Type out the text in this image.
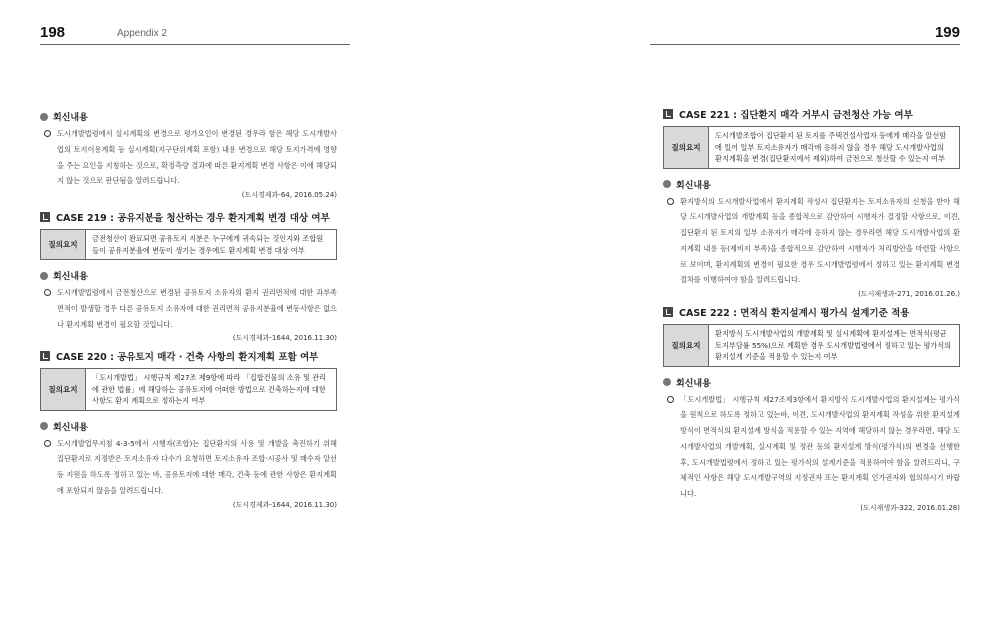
198	Appendix 2	199
회신내용
도시개발법령에서 실시계획의 변경으로 평가요인이 변경된 경우라 함은 해당 도시개발사업의 토지이용계획 등 실시계획(지구단위계획 포함) 내용 변경으로 해당 토지가격에 영향을 주는 요인을 지칭하는 것으로, 확정측량 결과에 따른 환지계획 변경 사항은 이에 해당되지 않는 것으로 판단됨을 알려드립니다.
(도시경제과-64, 2016.05.24)
CASE 219 : 공유지분을 청산하는 경우 환지계획 변경 대상 여부
질의요지
금전청산이 완료되면 공유토지 지분은 누구에게 귀속되는 것인지와 조합원들이 공유지분율에 변동이 생기는 경우에도 환지계획 변경 대상 여부
회신내용
도시개발법령에서 금전청산으로 변경된 공유토지 소유자의 환지 권리면적에 대한 과부족 면적이 발생할 경우 다른 공유토지 소유자에 대한 권리면적 공유지분율에 변동사항은 없으나 환지계획 변경이 필요할 것입니다.
(도시경제과-1644, 2016.11.30)
CASE 220 : 공유토지 매각 · 건축 사항의 환지계획 포함 여부
질의요지
「도시개발법」 시행규칙 제27조 제9항에 따라 「집합건물의 소유 및 관리에 관한 법률」에 해당하는 공유토지에 어떠한 방법으로 건축하는지에 대한 사항도 환지 계획으로 정하는지 여부
회신내용
도시개발업무지침 4-3-5에서 시행자(조합)는 집단환지의 사용 및 개발을 촉진하기 위해 집단환지로 지정받은 토지소유자 다수가 요청하면 토지소유자 조합·시공사 및 매수자 알선 등 지원을 하도록 정하고 있는 바, 공유토지에 대한 매각, 건축 등에 관한 사항은 환지계획에 포함되지 않음을 알려드립니다.
(도시경제과-1644, 2016.11.30)
CASE 221 : 집단환지 매각 거부시 금전청산 가능 여부
질의요지
도시개발조합이 집단환지 된 토지를 주택건설사업자 등에게 매각을 알선함에 있어 일부 토지소유자가 매각에 응하지 않을 경우 해당 도시개발사업의 환지계획을 변경(집단환지에서 제외)하여 금전으로 청산할 수 있는지 여부
회신내용
환지방식의 도시개발사업에서 환지계획 작성시 집단환지는 토지소유자의 신청을 받아 해당 도시개발사업의 개발계획 등을 종합적으로 감안하여 시행자가 결정할 사항으로, 이견, 집단환지 된 토지의 일부 소유자가 매각에 응하지 않는 경우라면 해당 도시개발사업의 환지계획 내용 등(제비지 부족)을 종합적으로 감안하여 시행자가 처리방안을 마련할 사항으로 보이며, 환지계획의 변경이 필요한 경우 도시개발법령에서 정하고 있는 환지계획 변경절차를 이행하여야 함을 알려드립니다.
(도시재생과-271, 2016.01.26.)
CASE 222 : 면적식 환지설계시 평가식 설계기준 적용
질의요지
환지방식 도시개발사업의 개발계획 및 실시계획에 환지설계는 면적식(평균토지부담률 55%)으로 계획한 경우 도시개발법령에서 정하고 있는 평가식의 환지설계 기준을 적용할 수 있는지 여부
회신내용
「도시개발법」 시행규칙 제27조제3항에서 환지방식 도시개발사업의 환지설계는 평가식을 원칙으로 하도록 정하고 있는바, 이견, 도시개발사업의 환지계획 작성을 위한 환지설계 방식이 면적식의 환지설계 방식을 적용할 수 있는 지역에 해당하지 않는 경우라면, 해당 도시개발사업의 개발계획, 실시계획 및 정관 등의 환지설계 방식(평가식)의 변경을 선행한 후, 도시개발법령에서 정하고 있는 평가식의 설계기준을 적용하여야 함을 알려드리니, 구체적인 사항은 해당 도시개발구역의 지정권자 또는 환지계획 인가권자와 협의하시기 바랍니다.
(도시재생과-322, 2016.01.28)
